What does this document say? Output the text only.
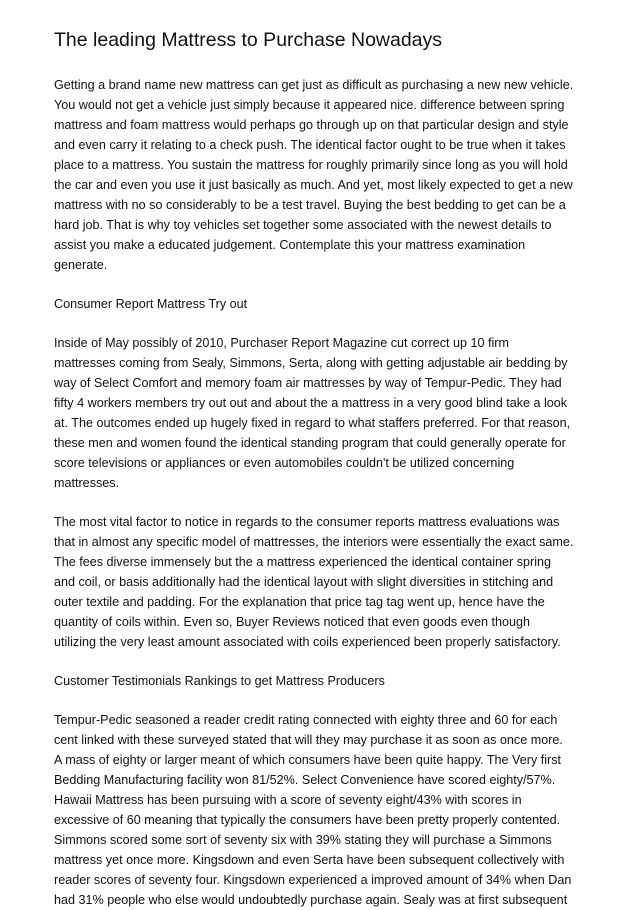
The leading Mattress to Purchase Nowadays

Getting a brand name new mattress can get just as difficult as purchasing a new new vehicle.
You would not get a vehicle just simply because it appeared nice. difference between spring
mattress and foam mattress would perhaps go through up on that particular design and style
and even carry it relating to a check push. The identical factor ought to be true when it takes
place to a mattress. You sustain the mattress for roughly primarily since long as you will hold
the car and even you use it just basically as much. And yet, most likely expected to get a new
mattress with no so considerably to be a test travel. Buying the best bedding to get can be a
hard job. That is why toy vehicles set together some associated with the newest details to
assist you make a educated judgement. Contemplate this your mattress examination
generate.

Consumer Report Mattress Try out

Inside of May possibly of 2010, Purchaser Report Magazine cut correct up 10 firm
mattresses coming from Sealy, Simmons, Serta, along with getting adjustable air bedding by
way of Select Comfort and memory foam air mattresses by way of Tempur-Pedic. They had
fifty 4 workers members try out out and about the a mattress in a very good blind take a look
at. The outcomes ended up hugely fixed in regard to what staffers preferred. For that reason,
these men and women found the identical standing program that could generally operate for
score televisions or appliances or even automobiles couldn't be utilized concerning
mattresses.

The most vital factor to notice in regards to the consumer reports mattress evaluations was
that in almost any specific model of mattresses, the interiors were essentially the exact same.
The fees diverse immensely but the a mattress experienced the identical container spring
and coil, or basis additionally had the identical layout with slight diversities in stitching and
outer textile and padding. For the explanation that price tag tag went up, hence have the
quantity of coils within. Even so, Buyer Reviews noticed that even goods even though
utilizing the very least amount associated with coils experienced been properly satisfactory.

Customer Testimonials Rankings to get Mattress Producers

Tempur-Pedic seasoned a reader credit rating connected with eighty three and 60 for each
cent linked with these surveyed stated that will they may purchase it as soon as once more.
A mass of eighty or larger meant of which consumers have been quite happy. The Very first
Bedding Manufacturing facility won 81/52%. Select Convenience have scored eighty/57%.
Hawaii Mattress has been pursuing with a score of seventy eight/43% with scores in
excessive of 60 meaning that typically the consumers have been pretty properly contented.
Simmons scored some sort of seventy six with 39% stating they will purchase a Simmons
mattress yet once more. Kingsdown and even Serta have been subsequent collectively with
reader scores of seventy four. Kingsdown experienced a improved amount of 34% when Dan
had 31% people who else would undoubtedly purchase again. Sealy was at first subsequent
